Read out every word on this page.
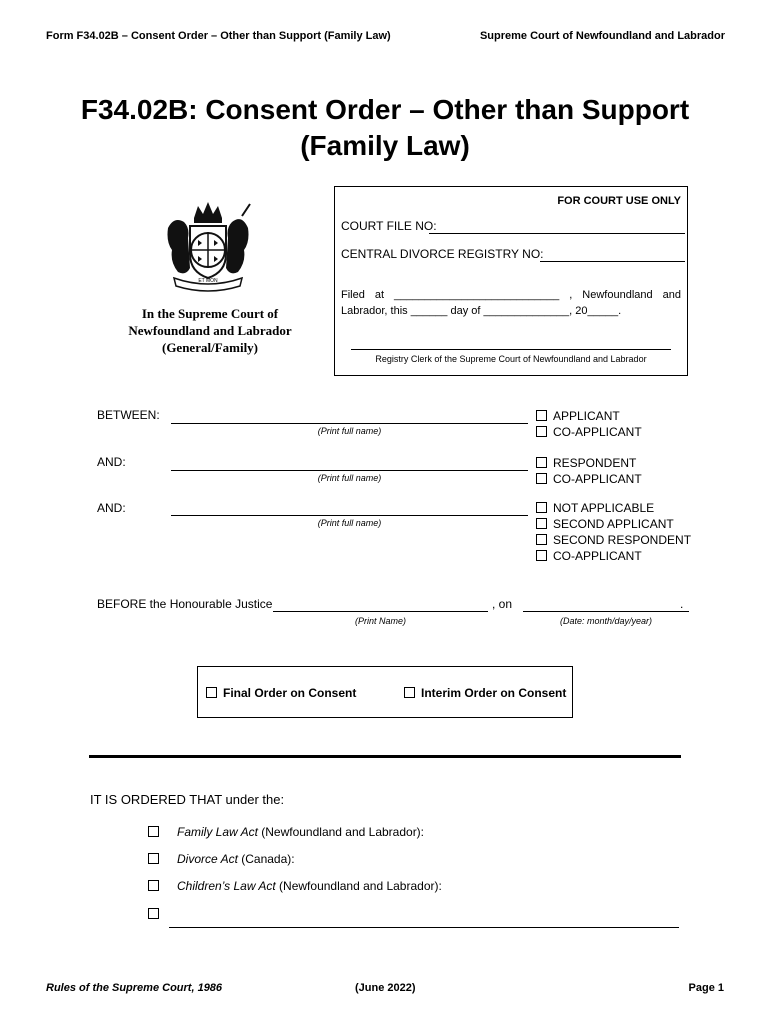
Form F34.02B – Consent Order – Other than Support (Family Law)	Supreme Court of Newfoundland and Labrador
F34.02B: Consent Order – Other than Support
(Family Law)
ET MON
In the Supreme Court of
Newfoundland and Labrador
(General/Family)
FOR COURT USE ONLY
COURT FILE NO:
CENTRAL DIVORCE REGISTRY NO:
Filed at ___________________________ , Newfoundland and
Labrador, this ______ day of ______________, 20_____.
Registry Clerk of the Supreme Court of Newfoundland and Labrador
BETWEEN:
(Print full name)
APPLICANT
CO-APPLICANT
AND:
(Print full name)
RESPONDENT
CO-APPLICANT
AND:
(Print full name)
NOT APPLICABLE
SECOND APPLICANT
SECOND RESPONDENT
CO-APPLICANT
BEFORE the Honourable Justice	, on	.
(Print Name)	(Date: month/day/year)
Final Order on Consent	Interim Order on Consent
IT IS ORDERED THAT under the:
Family Law Act (Newfoundland and Labrador):
Divorce Act (Canada):
Children’s Law Act (Newfoundland and Labrador):
Rules of the Supreme Court, 1986	(June 2022)	Page 1
